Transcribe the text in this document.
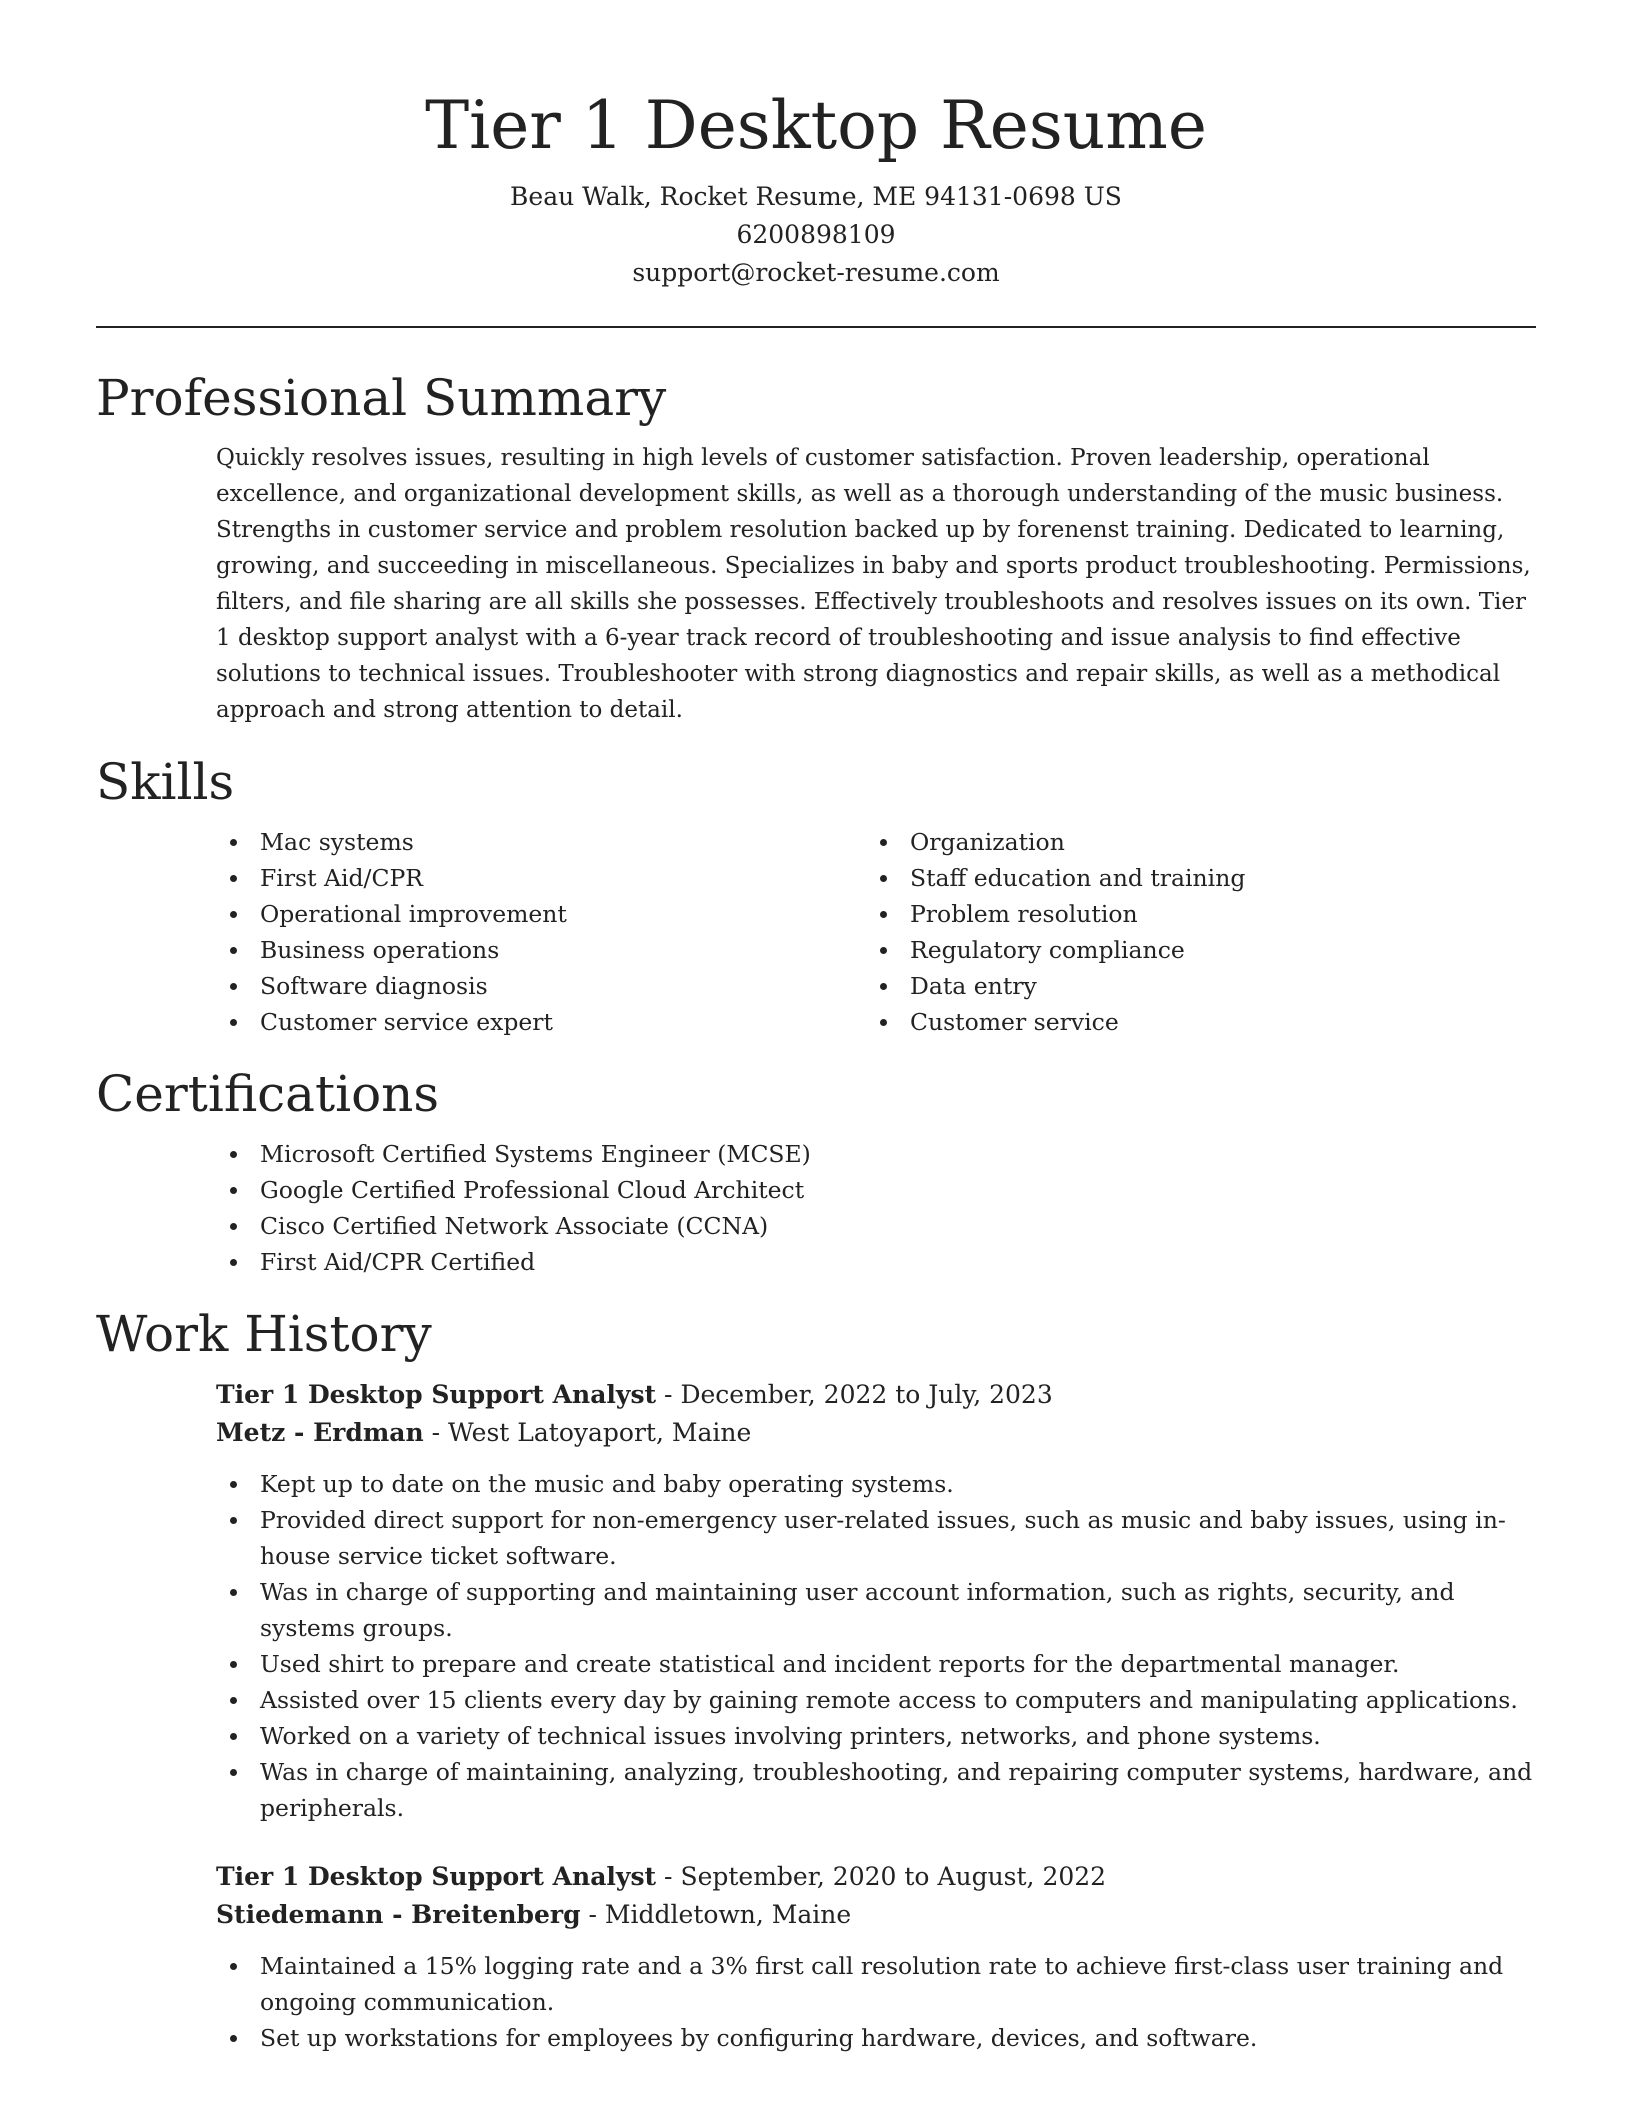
Tier 1 Desktop Resume

Beau Walk, Rocket Resume, ME 94131-0698 US

6200898109

support@rocket-resume.com

Professional Summary

Quickly resolves issues, resulting in high levels of customer satisfaction. Proven leadership, operational excellence, and organizational development skills, as well as a thorough understanding of the music business. Strengths in customer service and problem resolution backed up by forenenst training. Dedicated to learning, growing, and succeeding in miscellaneous. Specializes in baby and sports product troubleshooting. Permissions, filters, and file sharing are all skills she possesses. Effectively troubleshoots and resolves issues on its own. Tier 1 desktop support analyst with a 6-year track record of troubleshooting and issue analysis to find effective solutions to technical issues. Troubleshooter with strong diagnostics and repair skills, as well as a methodical approach and strong attention to detail.

Skills
Mac systems
First Aid/CPR
Operational improvement
Business operations
Software diagnosis
Customer service expert
Organization
Staff education and training
Problem resolution
Regulatory compliance
Data entry
Customer service
Certifications
Microsoft Certified Systems Engineer (MCSE)
Google Certified Professional Cloud Architect
Cisco Certified Network Associate (CCNA)
First Aid/CPR Certified
Work History

Tier 1 Desktop Support Analyst - December, 2022 to July, 2023

Metz - Erdman - West Latoyaport, Maine

Kept up to date on the music and baby operating systems.
Provided direct support for non-emergency user-related issues, such as music and baby issues, using in-house service ticket software.
Was in charge of supporting and maintaining user account information, such as rights, security, and systems groups.
Used shirt to prepare and create statistical and incident reports for the departmental manager.
Assisted over 15 clients every day by gaining remote access to computers and manipulating applications.
Worked on a variety of technical issues involving printers, networks, and phone systems.
Was in charge of maintaining, analyzing, troubleshooting, and repairing computer systems, hardware, and peripherals.

Tier 1 Desktop Support Analyst - September, 2020 to August, 2022

Stiedemann - Breitenberg - Middletown, Maine

Maintained a 15% logging rate and a 3% first call resolution rate to achieve first-class user training and ongoing communication.
Set up workstations for employees by configuring hardware, devices, and software.
